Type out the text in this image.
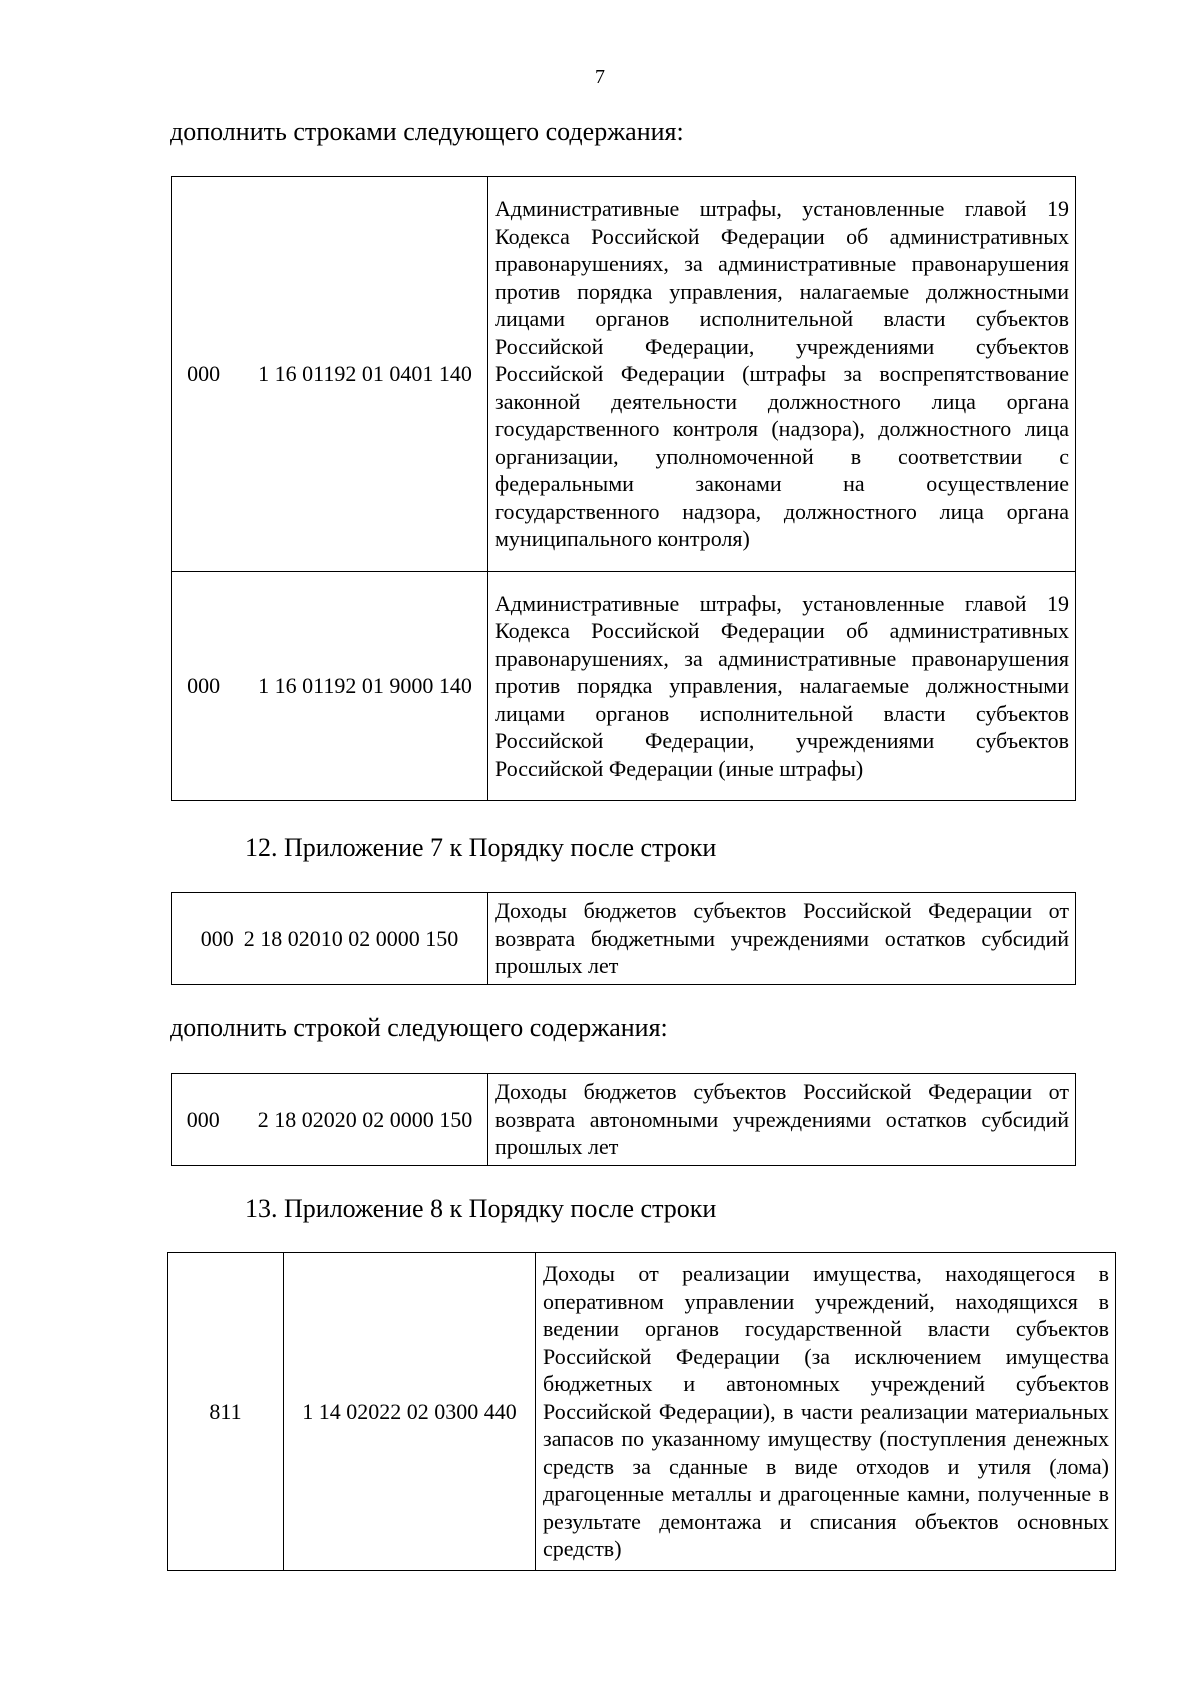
7

дополнить строками следующего содержания:

000 1 16 01192 01 0401 140	Административные штрафы, установленные главой 19 Кодекса Российской Федерации об административных правонарушениях, за административные правонарушения против порядка управления, налагаемые должностными лицами органов исполнительной власти субъектов Российской Федерации, учреждениями субъектов Российской Федерации (штрафы за воспрепятствование законной деятельности должностного лица органа государственного контроля (надзора), должностного лица организации, уполномоченной в соответствии с федеральными законами на осуществление государственного надзора, должностного лица органа муниципального контроля)
000 1 16 01192 01 9000 140	Административные штрафы, установленные главой 19 Кодекса Российской Федерации об административных правонарушениях, за административные правонарушения против порядка управления, налагаемые должностными лицами органов исполнительной власти субъектов Российской Федерации, учреждениями субъектов Российской Федерации (иные штрафы)

12. Приложение 7 к Порядку после строки

000 2 18 02010 02 0000 150	Доходы бюджетов субъектов Российской Федерации от возврата бюджетными учреждениями остатков субсидий прошлых лет

дополнить строкой следующего содержания:

000 2 18 02020 02 0000 150	Доходы бюджетов субъектов Российской Федерации от возврата автономными учреждениями остатков субсидий прошлых лет

13. Приложение 8 к Порядку после строки

811	1 14 02022 02 0300 440	Доходы от реализации имущества, находящегося в оперативном управлении учреждений, находящихся в ведении органов государственной власти субъектов Российской Федерации (за исключением имущества бюджетных и автономных учреждений субъектов Российской Федерации), в части реализации материальных запасов по указанному имуществу (поступления денежных средств за сданные в виде отходов и утиля (лома) драгоценные металлы и драгоценные камни, полученные в результате демонтажа и списания объектов основных средств)
